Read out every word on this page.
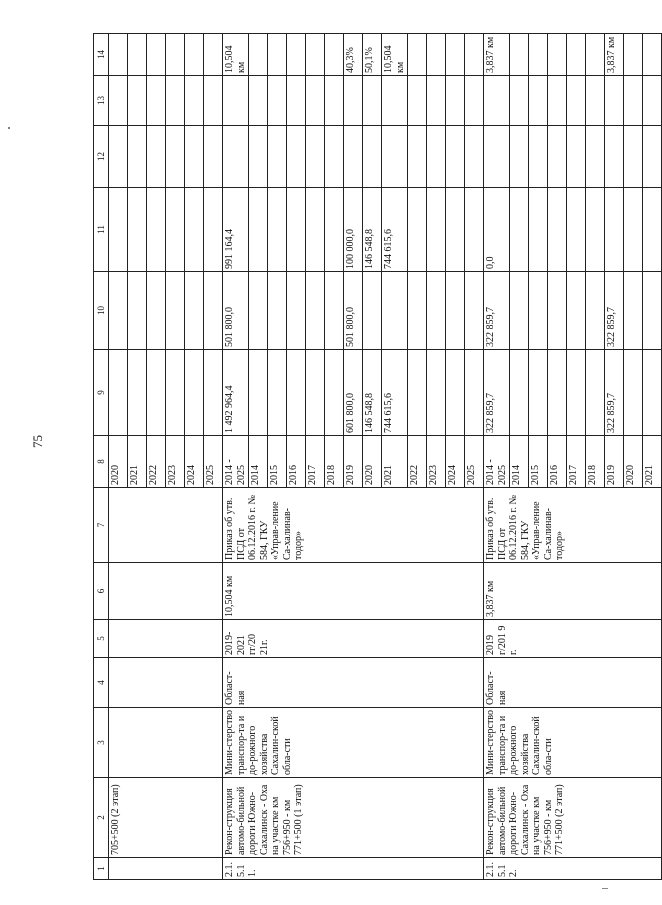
75
1	2	3	4	5	6	7	8	9	10	11	12	13	14
	705+500 (2 этап)						2020						
							2021						
							2022						
							2023						
							2024						
							2025						
2.1.5.1 1.	Рекон-струкция автомо-бильной дороги Южно-Сахалинск - Оха на участке км 756+950 - км 771+500 (1 этап)	Мини-стерство транспор-та и до-рожного хозяйства Сахалин-ской обла-сти	Област-ная	2019-2021 гг/20 21г.	10,504 км	Приказ об утв. ПСД от 06.12.2016 г. № 584, ГКУ «Управ-ление Са-халинав-тодор»	2014 - 2025	1 492 964,4	501 800,0	991 164,4			10,504 км
							2014						
							2015						
							2016						
							2017						
							2018						
							2019	601 800,0	501 800,0	100 000,0			40,3%
							2020	146 548,8		146 548,8			50,1%
							2021	744 615,6		744 615,6			10,504 км
							2022						
							2023						
							2024						
							2025						
2.1.5.1 2.	Рекон-струкция автомо-бильной дороги Южно-Сахалинск - Оха на участке км 756+950 - км 771+500 (2 этап)	Мини-стерство транспор-та и до-рожного хозяйства Сахалин-ской обла-сти	Област-ная	2019 г/201 9 г.	3,837 км	Приказ об утв. ПСД от 06.12.2016 г. № 584, ГКУ «Управ-ление Са-халинав-тодор»	2014 - 2025	322 859,7	322 859,7	0,0			3,837 км
							2014						
							2015						
							2016						
							2017						
							2018						
							2019	322 859,7	322 859,7				3,837 км
							2020						
							2021						
